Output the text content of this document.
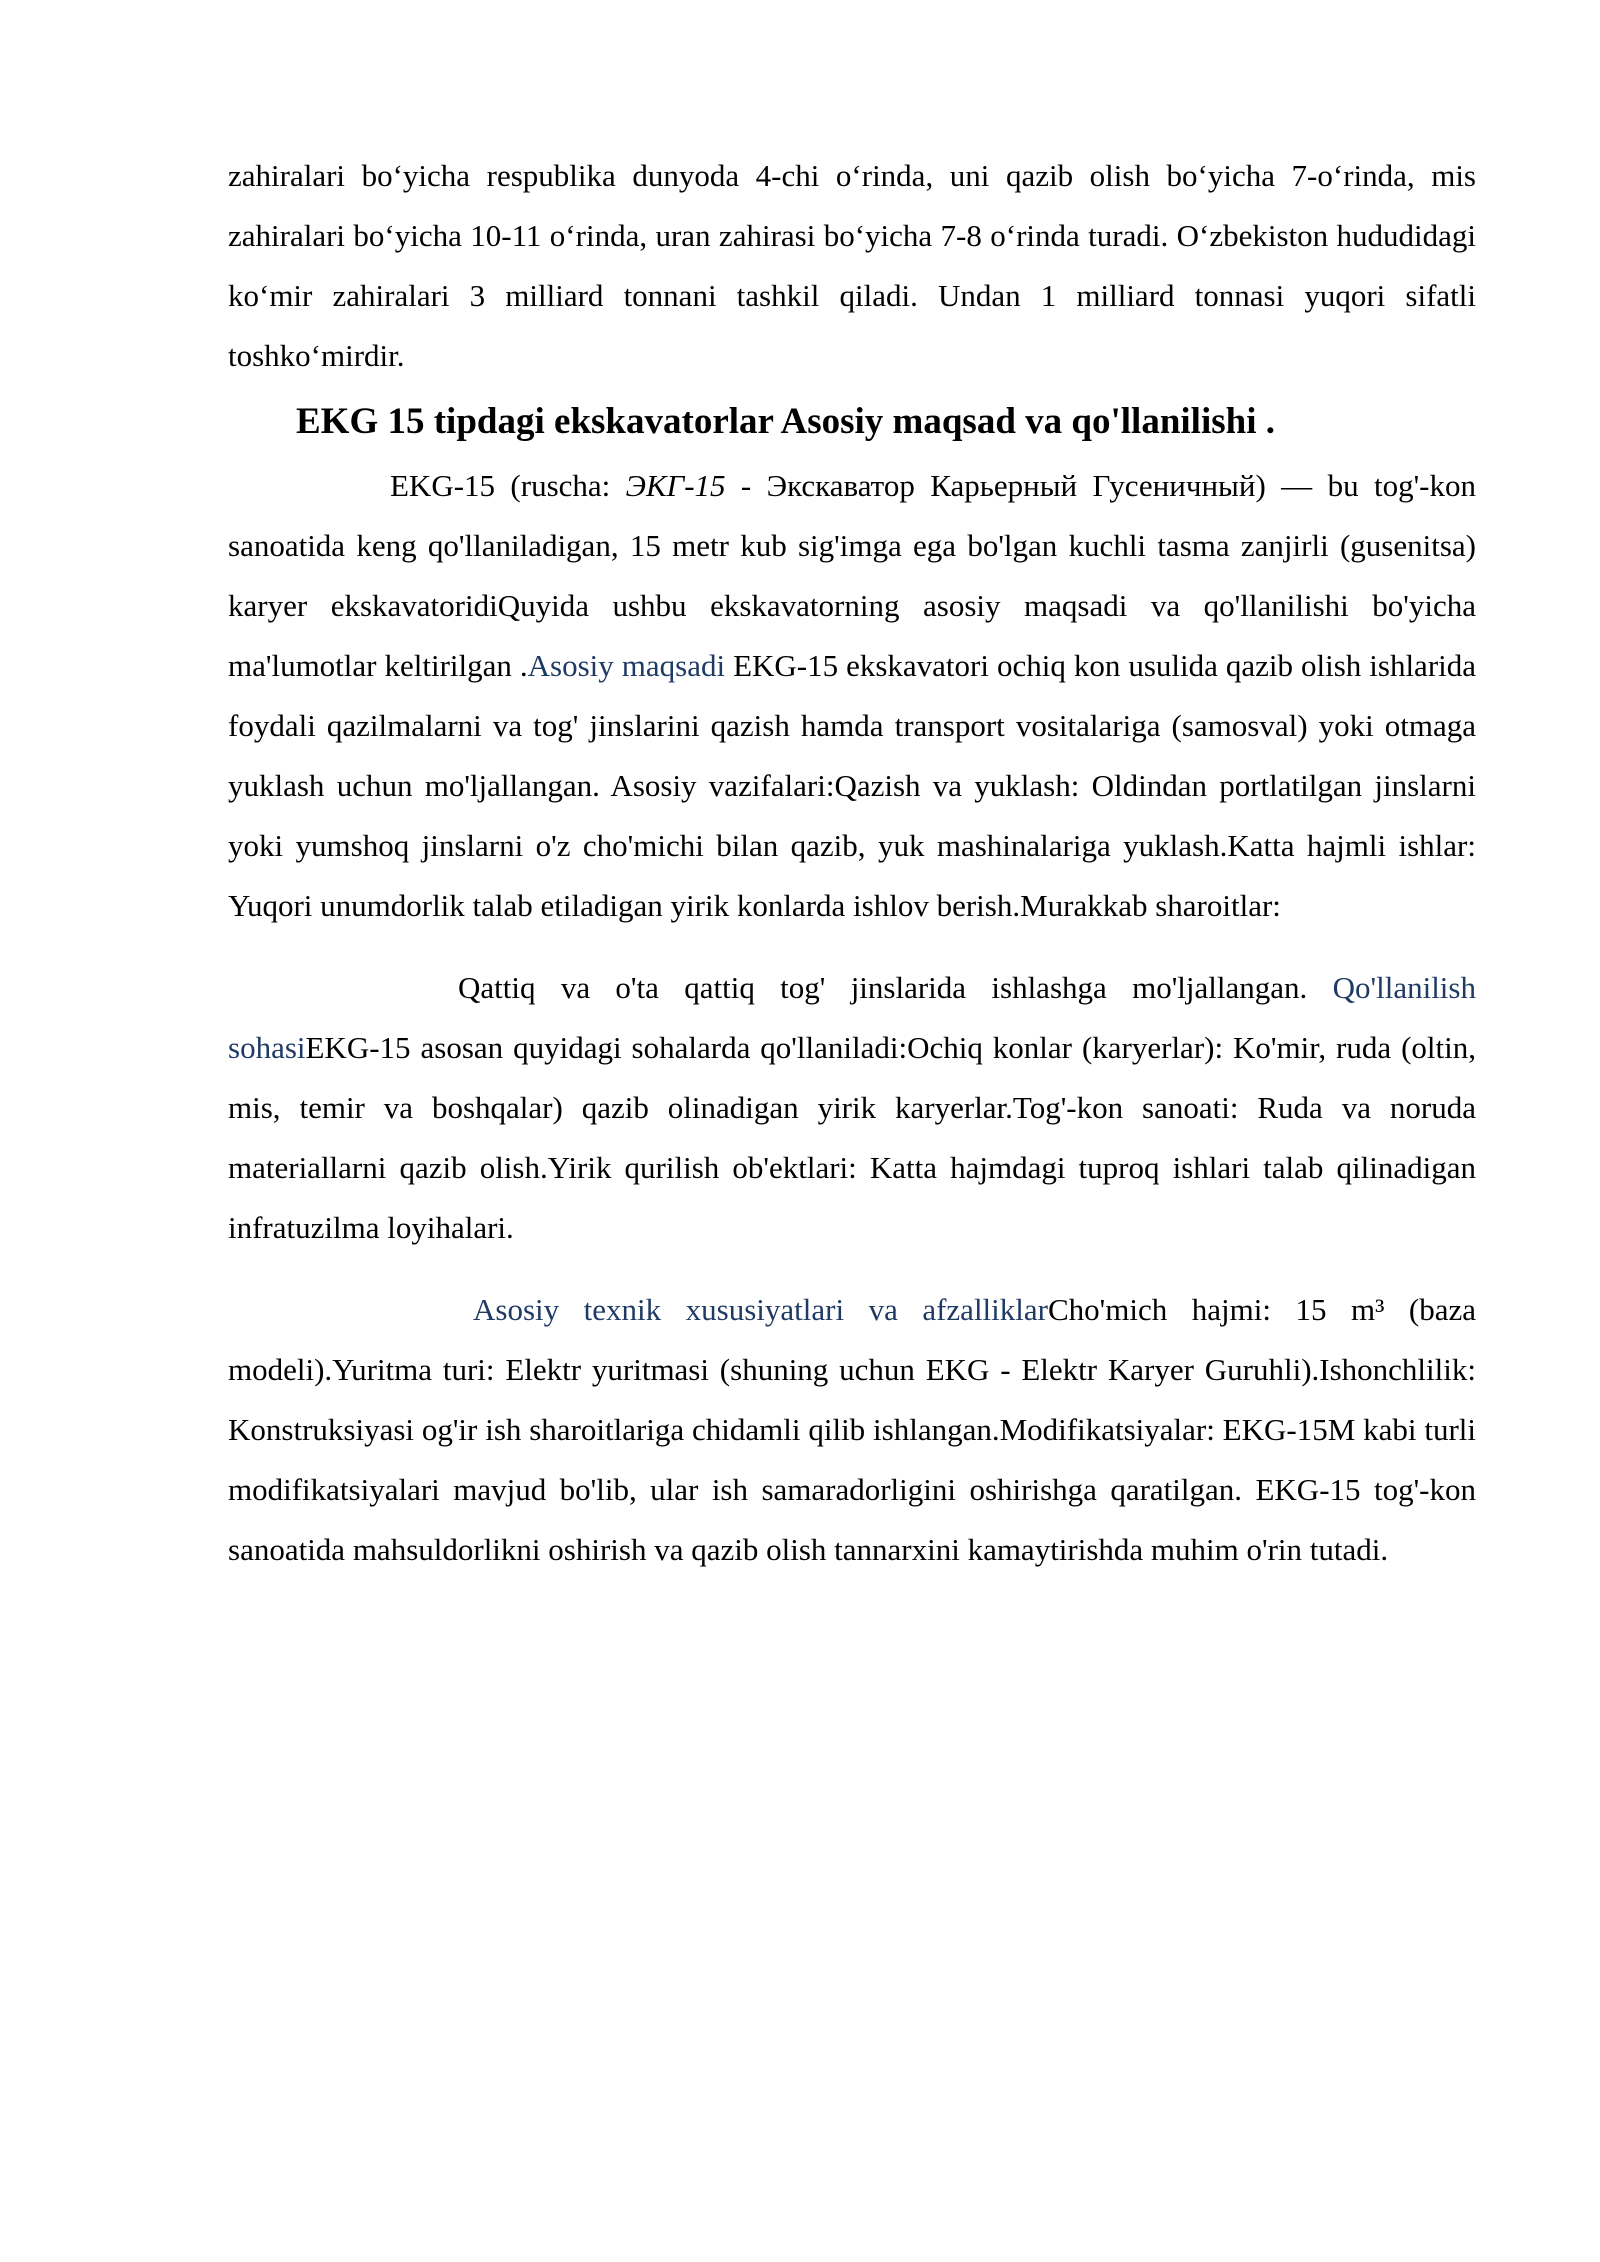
zahiralari bo‘yicha respublika dunyoda 4-chi o‘rinda, uni qazib olish bo‘yicha 7-o‘rinda, mis zahiralari bo‘yicha 10-11 o‘rinda, uran zahirasi bo‘yicha 7-8 o‘rinda turadi. O‘zbekiston hududidagi ko‘mir zahiralari 3 milliard tonnani tashkil qiladi. Undan 1 milliard tonnasi yuqori sifatli toshko‘mirdir.

EKG 15 tipdagi ekskavatorlar Asosiy maqsad va qo'llanilishi .

EKG-15 (ruscha: ЭКГ-15 - Экскаватор Карьерный Гусеничный) — bu tog'-kon sanoatida keng qo'llaniladigan, 15 metr kub sig'imga ega bo'lgan kuchli tasma zanjirli (gusenitsa) karyer ekskavatoridiQuyida ushbu ekskavatorning asosiy maqsadi va qo'llanilishi bo'yicha ma'lumotlar keltirilgan .Asosiy maqsadi EKG-15 ekskavatori ochiq kon usulida qazib olish ishlarida foydali qazilmalarni va tog' jinslarini qazish hamda transport vositalariga (samosval) yoki otmaga yuklash uchun mo'ljallangan. Asosiy vazifalari:Qazish va yuklash: Oldindan portlatilgan jinslarni yoki yumshoq jinslarni o'z cho'michi bilan qazib, yuk mashinalariga yuklash.Katta hajmli ishlar: Yuqori unumdorlik talab etiladigan yirik konlarda ishlov berish.Murakkab sharoitlar:

Qattiq va o'ta qattiq tog' jinslarida ishlashga mo'ljallangan. Qo'llanilish sohasiEKG-15 asosan quyidagi sohalarda qo'llaniladi:Ochiq konlar (karyerlar): Ko'mir, ruda (oltin, mis, temir va boshqalar) qazib olinadigan yirik karyerlar.Tog'-kon sanoati: Ruda va noruda materiallarni qazib olish.Yirik qurilish ob'ektlari: Katta hajmdagi tuproq ishlari talab qilinadigan infratuzilma loyihalari.

Asosiy texnik xususiyatlari va afzalliklarCho'mich hajmi: 15 m³ (baza modeli).Yuritma turi: Elektr yuritmasi (shuning uchun EKG - Elektr Karyer Guruhli).Ishonchlilik: Konstruksiyasi og'ir ish sharoitlariga chidamli qilib ishlangan.Modifikatsiyalar: EKG-15M kabi turli modifikatsiyalari mavjud bo'lib, ular ish samaradorligini oshirishga qaratilgan. EKG-15 tog'-kon sanoatida mahsuldorlikni oshirish va qazib olish tannarxini kamaytirishda muhim o'rin tutadi.
